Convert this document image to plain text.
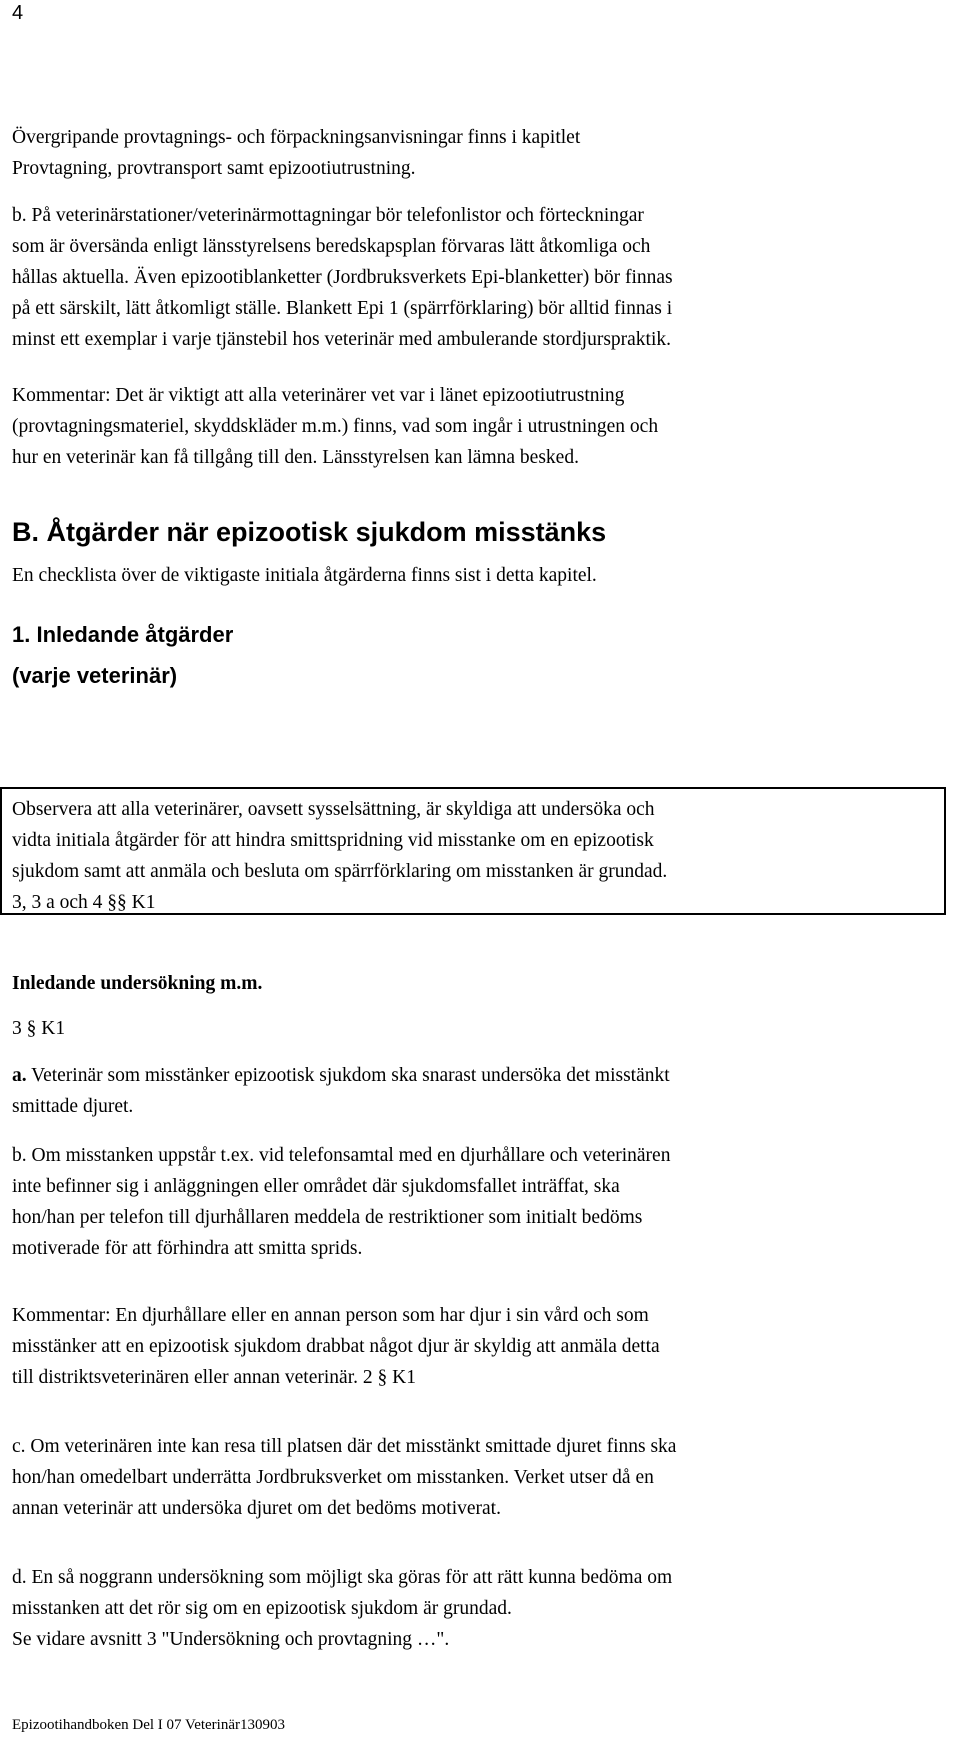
4
Övergripande provtagnings- och förpackningsanvisningar finns i kapitlet
Provtagning, provtransport samt epizootiutrustning.
b. På veterinärstationer/veterinärmottagningar bör telefonlistor och förteckningar
som är översända enligt länsstyrelsens beredskapsplan förvaras lätt åtkomliga och
hållas aktuella. Även epizootiblanketter (Jordbruksverkets Epi-blanketter) bör finnas
på ett särskilt, lätt åtkomligt ställe. Blankett Epi 1 (spärrförklaring) bör alltid finnas i
minst ett exemplar i varje tjänstebil hos veterinär med ambulerande stordjurspraktik.
Kommentar: Det är viktigt att alla veterinärer vet var i länet epizootiutrustning
(provtagningsmateriel, skyddskläder m.m.) finns, vad som ingår i utrustningen och
hur en veterinär kan få tillgång till den. Länsstyrelsen kan lämna besked.
B. Åtgärder när epizootisk sjukdom misstänks
En checklista över de viktigaste initiala åtgärderna finns sist i detta kapitel.
1. Inledande åtgärder
(varje veterinär)
Observera att alla veterinärer, oavsett sysselsättning, är skyldiga att undersöka och
vidta initiala åtgärder för att hindra smittspridning vid misstanke om en epizootisk
sjukdom samt att anmäla och besluta om spärrförklaring om misstanken är grundad.
3, 3 a och 4 §§ K1
Inledande undersökning m.m.
3 § K1
a. Veterinär som misstänker epizootisk sjukdom ska snarast undersöka det misstänkt
smittade djuret.
b. Om misstanken uppstår t.ex. vid telefonsamtal med en djurhållare och veterinären
inte befinner sig i anläggningen eller området där sjukdomsfallet inträffat, ska
hon/han per telefon till djurhållaren meddela de restriktioner som initialt bedöms
motiverade för att förhindra att smitta sprids.
Kommentar: En djurhållare eller en annan person som har djur i sin vård och som
misstänker att en epizootisk sjukdom drabbat något djur är skyldig att anmäla detta
till distriktsveterinären eller annan veterinär. 2 § K1
c. Om veterinären inte kan resa till platsen där det misstänkt smittade djuret finns ska
hon/han omedelbart underrätta Jordbruksverket om misstanken. Verket utser då en
annan veterinär att undersöka djuret om det bedöms motiverat.
d. En så noggrann undersökning som möjligt ska göras för att rätt kunna bedöma om
misstanken att det rör sig om en epizootisk sjukdom är grundad.
Se vidare avsnitt 3 "Undersökning och provtagning …".
Epizootihandboken Del I 07 Veterinär130903
